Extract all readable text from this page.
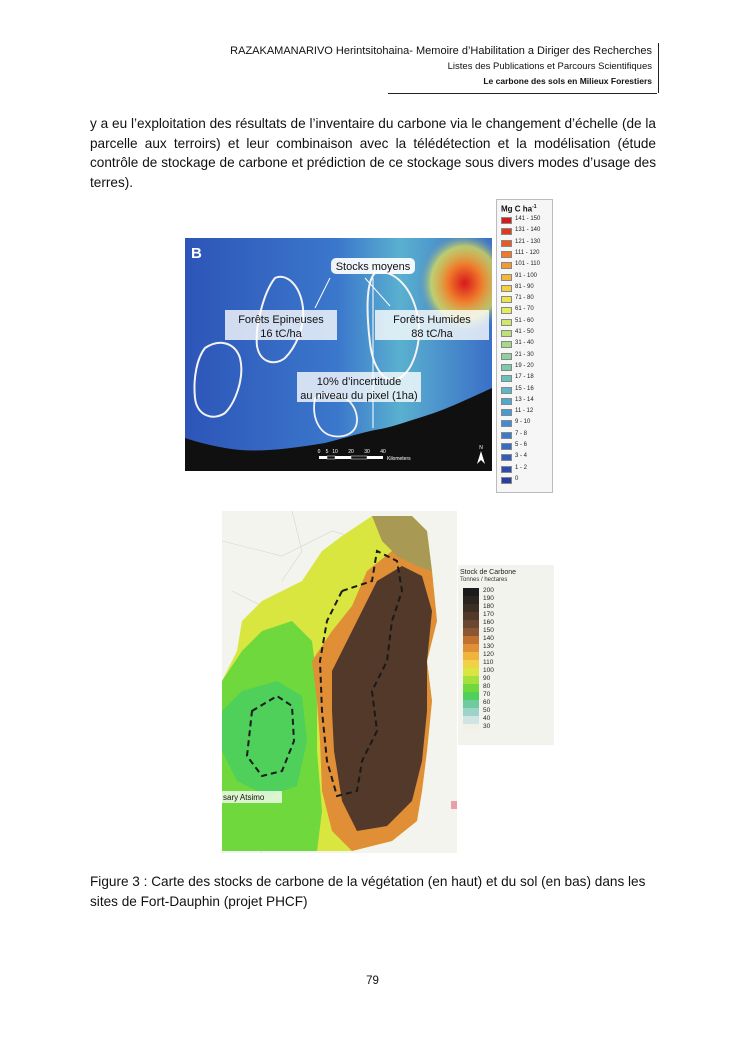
RAZAKAMANARIVO Herintsitohaina- Memoire d’Habilitation a Diriger des Recherches
Listes des Publications et Parcours Scientifiques
Le carbone des sols en Milieux Forestiers
y a eu l’exploitation des résultats de l’inventaire du carbone via le changement d’échelle (de la parcelle aux terroirs) et leur combinaison avec la télédétection et la modélisation (étude contrôle de stockage de carbone et prédiction de ce stockage sous divers modes d’usage des terres).
B
Stocks moyens
Forêts Epineuses
16 tC/ha
Forêts Humides
88 tC/ha
10% d’incertitude
au niveau du pixel (1ha)
0 5 10 20 30 40
Kilometers
N
Mg C $ha^{-1}$
141 - 150
131 - 140
121 - 130
111 - 120
101 - 110
91 - 100
81 - 90
71 - 80
61 - 70
51 - 60
41 - 50
31 - 40
21 - 30
19 - 20
17 - 18
15 - 16
13 - 14
11 - 12
9 - 10
7 - 8
5 - 6
3 - 4
1 - 2
0
sary Atsimo
Stock de Carbone
Tonnes / hectares
200
190
180
170
160
150
140
130
120
110
100
90
80
70
60
50
40
30
Figure 3 : Carte des stocks de carbone de la végétation (en haut) et du sol (en bas) dans les sites de Fort-Dauphin (projet PHCF)
79
